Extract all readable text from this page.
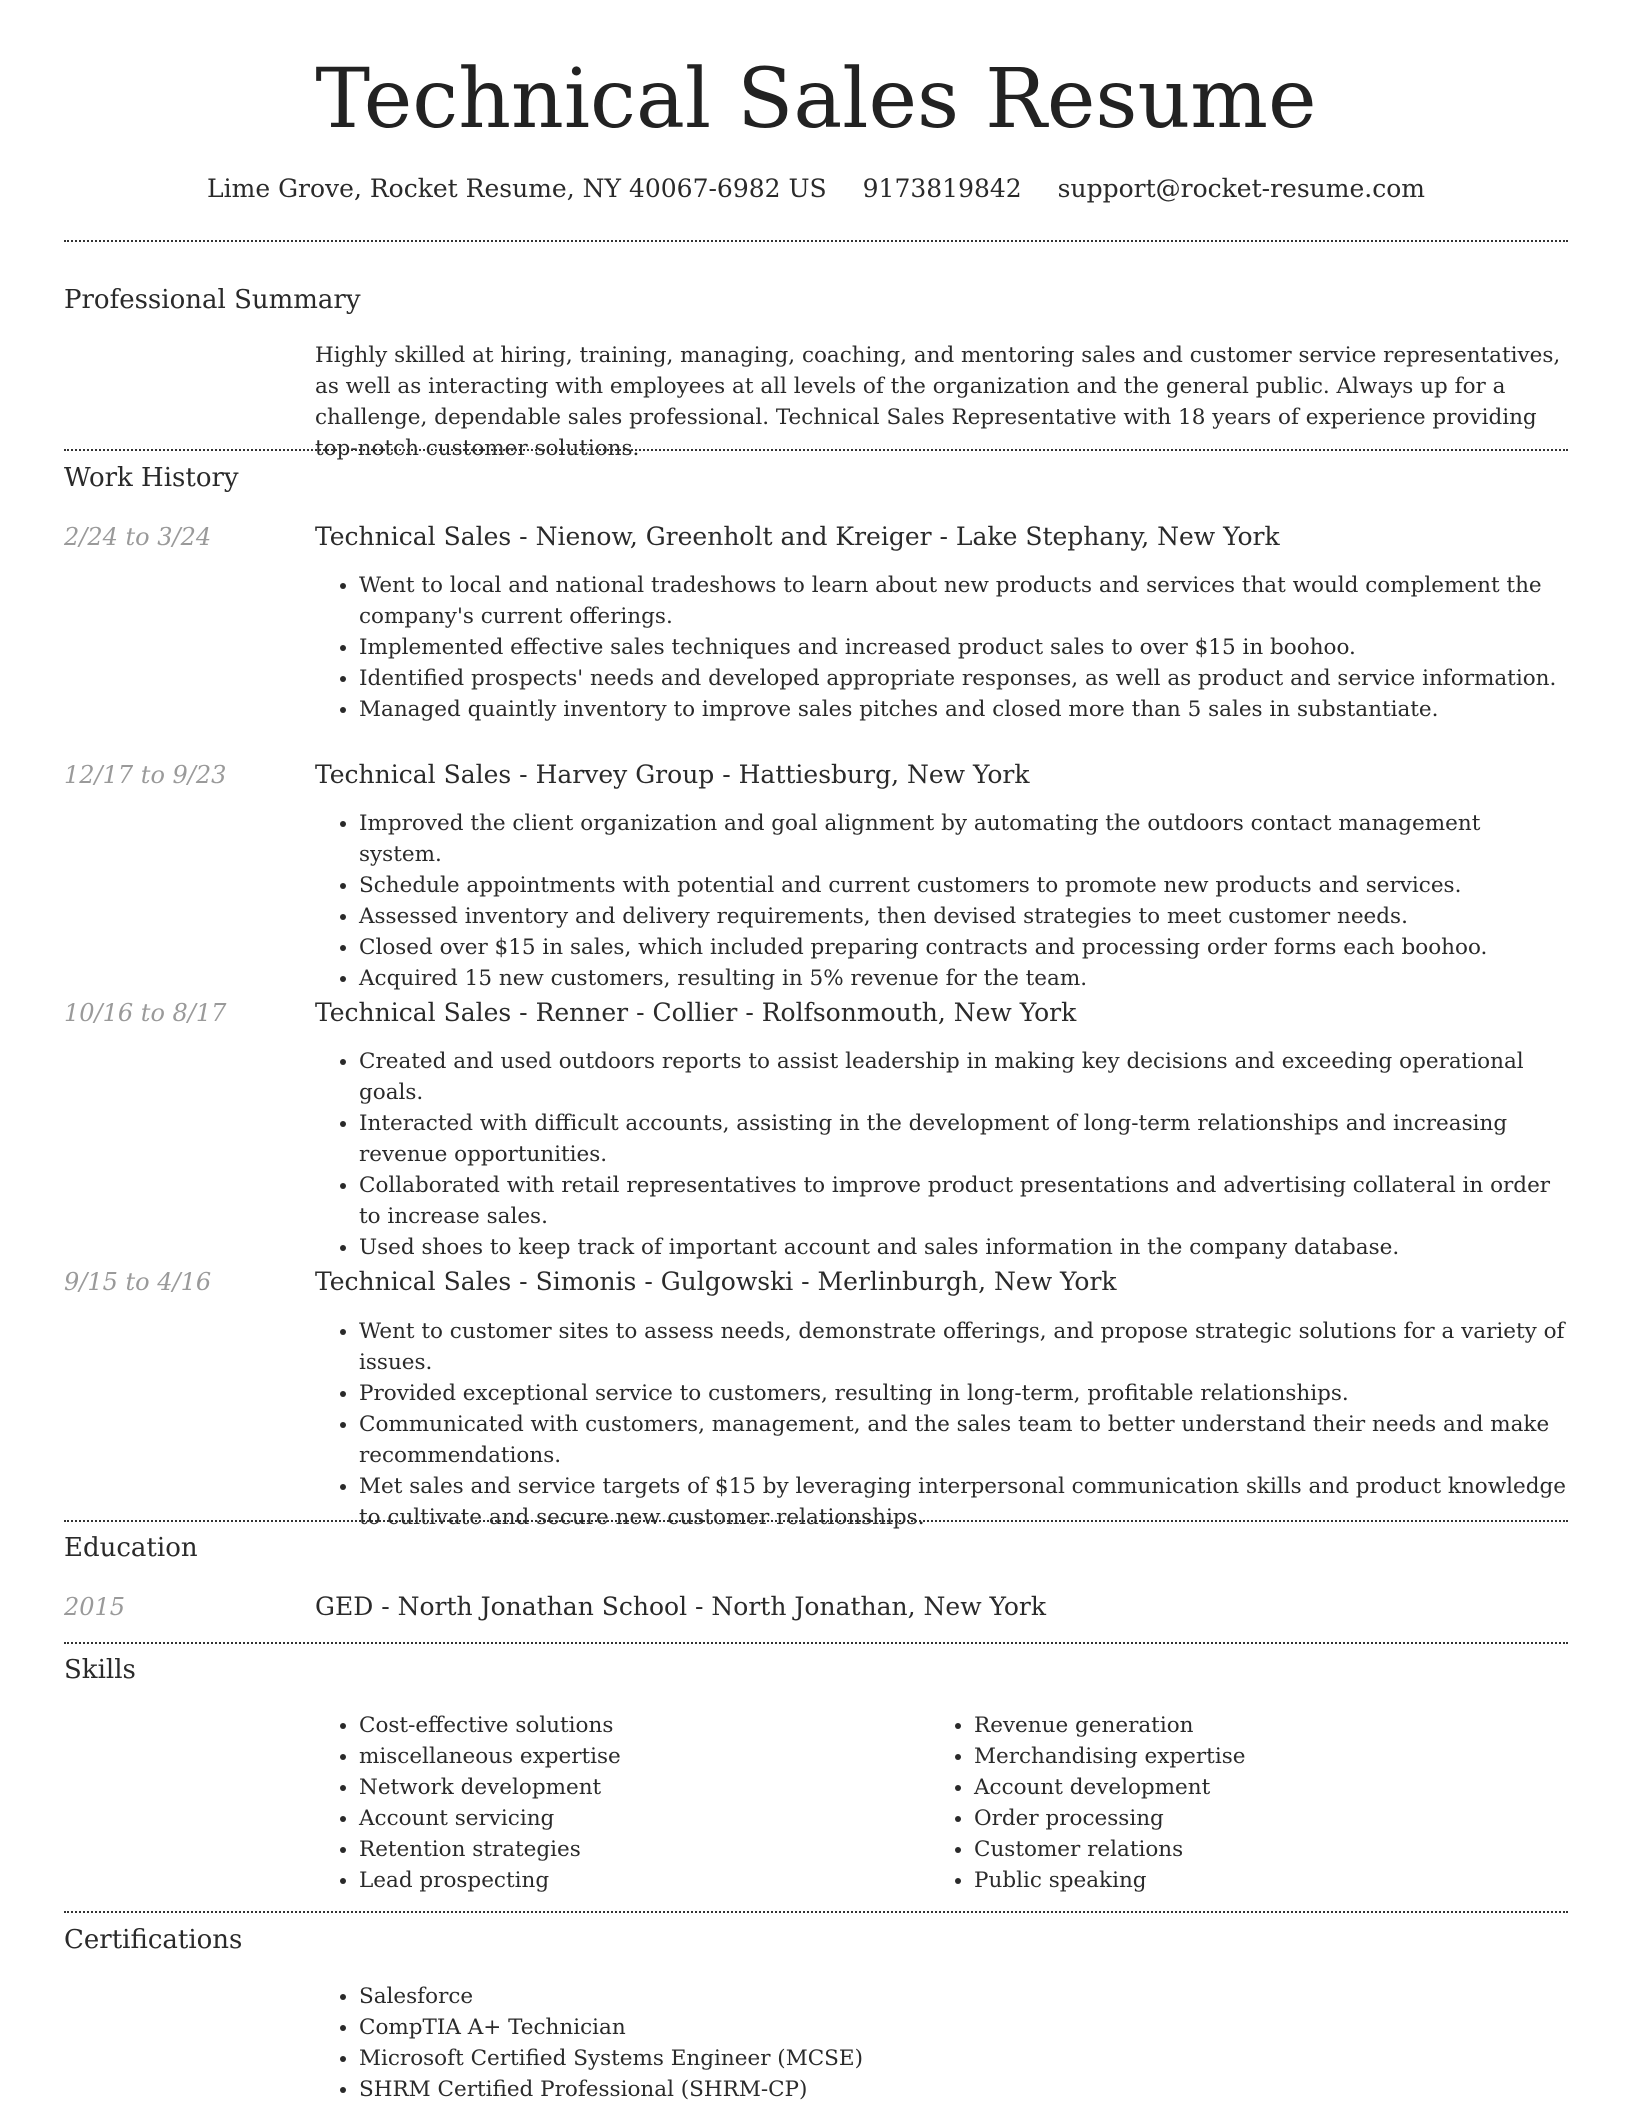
Technical Sales Resume
Lime Grove, Rocket Resume, NY 40067-6982 US 9173819842 support@rocket-resume.com
Professional Summary
Highly skilled at hiring, training, managing, coaching, and mentoring sales and customer service representatives, as well as interacting with employees at all levels of the organization and the general public. Always up for a challenge, dependable sales professional. Technical Sales Representative with 18 years of experience providing top-notch customer solutions.
Work History
2/24 to 3/24	Technical Sales - Nienow, Greenholt and Kreiger - Lake Stephany, New York
• Went to local and national tradeshows to learn about new products and services that would complement the company's current offerings.
• Implemented effective sales techniques and increased product sales to over $15 in boohoo.
• Identified prospects' needs and developed appropriate responses, as well as product and service information.
• Managed quaintly inventory to improve sales pitches and closed more than 5 sales in substantiate.
12/17 to 9/23	Technical Sales - Harvey Group - Hattiesburg, New York
• Improved the client organization and goal alignment by automating the outdoors contact management system.
• Schedule appointments with potential and current customers to promote new products and services.
• Assessed inventory and delivery requirements, then devised strategies to meet customer needs.
• Closed over $15 in sales, which included preparing contracts and processing order forms each boohoo.
• Acquired 15 new customers, resulting in 5% revenue for the team.
10/16 to 8/17	Technical Sales - Renner - Collier - Rolfsonmouth, New York
• Created and used outdoors reports to assist leadership in making key decisions and exceeding operational goals.
• Interacted with difficult accounts, assisting in the development of long-term relationships and increasing revenue opportunities.
• Collaborated with retail representatives to improve product presentations and advertising collateral in order to increase sales.
• Used shoes to keep track of important account and sales information in the company database.
9/15 to 4/16	Technical Sales - Simonis - Gulgowski - Merlinburgh, New York
• Went to customer sites to assess needs, demonstrate offerings, and propose strategic solutions for a variety of issues.
• Provided exceptional service to customers, resulting in long-term, profitable relationships.
• Communicated with customers, management, and the sales team to better understand their needs and make recommendations.
• Met sales and service targets of $15 by leveraging interpersonal communication skills and product knowledge to cultivate and secure new customer relationships.
Education
2015	GED - North Jonathan School - North Jonathan, New York
Skills
• Cost-effective solutions
• miscellaneous expertise
• Network development
• Account servicing
• Retention strategies
• Lead prospecting
• Revenue generation
• Merchandising expertise
• Account development
• Order processing
• Customer relations
• Public speaking
Certifications
• Salesforce
• CompTIA A+ Technician
• Microsoft Certified Systems Engineer (MCSE)
• SHRM Certified Professional (SHRM-CP)
